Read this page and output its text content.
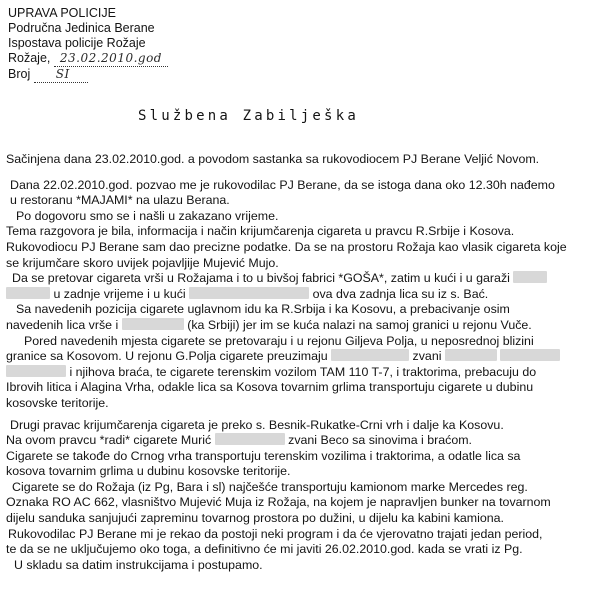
UPRAVA POLICIJE
Područna Jedinica Berane
Ispostava policije Rožaje
Rožaje, 23.02.2010.god
Broj SI
Službena Zabilješka

Sačinjena dana 23.02.2010.god. a povodom sastanka sa rukovodiocem PJ Berane Veljić Novom.

Dana 22.02.2010.god. pozvao me je rukovodilac PJ Berane, da se istoga dana oko 12.30h nađemo

u restoranu *MAJAMI* na ulazu Berana.

Po dogovoru smo se i našli u zakazano vrijeme.

Tema razgovora je bila, informacija i način krijumčarenja cigareta u pravcu R.Srbije i Kosova.

Rukovodiocu PJ Berane sam dao precizne podatke. Da se na prostoru Rožaja kao vlasik cigareta koje

se krijumčare skoro uvijek pojavljije Mujević Mujo.

Da se pretovar cigareta vrši u Rožajama i to u bivšoj fabrici *GOŠA*, zatim u kući i u garaži

u zadnje vrijeme i u kući	ova dva zadnja lica su iz s. Bać.

Sa navedenih pozicija cigarete uglavnom idu ka R.Srbija i ka Kosovu, a prebacivanje osim

navedenih lica vrše i	(ka Srbiji) jer im se kuća nalazi na samoj granici u rejonu Vuče.

Pored navedenih mjesta cigarete se pretovaraju i u rejonu Giljeva Polja, u neposrednoj blizini

granice sa Kosovom. U rejonu G.Polja cigarete preuzimaju	zvani

i njihova braća, te cigarete terenskim vozilom TAM 110 T-7, i traktorima, prebacuju do

Ibrovih litica i Alagina Vrha, odakle lica sa Kosova tovarnim grlima transportuju cigarete u dubinu

kosovske teritorije.

Drugi pravac krijumčarenja cigareta je preko s. Besnik-Rukatke-Crni vrh i dalje ka Kosovu.

Na ovom pravcu *radi* cigarete Murić	zvani Beco sa sinovima i braćom.

Cigarete se takođe do Crnog vrha transportuju terenskim vozilima i traktorima, a odatle lica sa

kosova tovarnim grlima u dubinu kosovske teritorije.

Cigarete se do Rožaja (iz Pg, Bara i sl) najčešće transportuju kamionom marke Mercedes reg.

Oznaka RO AC 662, vlasništvo Mujević Muja iz Rožaja, na kojem je napravljen bunker na tovarnom

dijelu sanduka sanjujući zapreminu tovarnog prostora po dužini, u dijelu ka kabini kamiona.

Rukovodilac PJ Berane mi je rekao da postoji neki program i da će vjerovatno trajati jedan period,

te da se ne uključujemo oko toga, a definitivno će mi javiti 26.02.2010.god. kada se vrati iz Pg.

U skladu sa datim instrukcijama i postupamo.
